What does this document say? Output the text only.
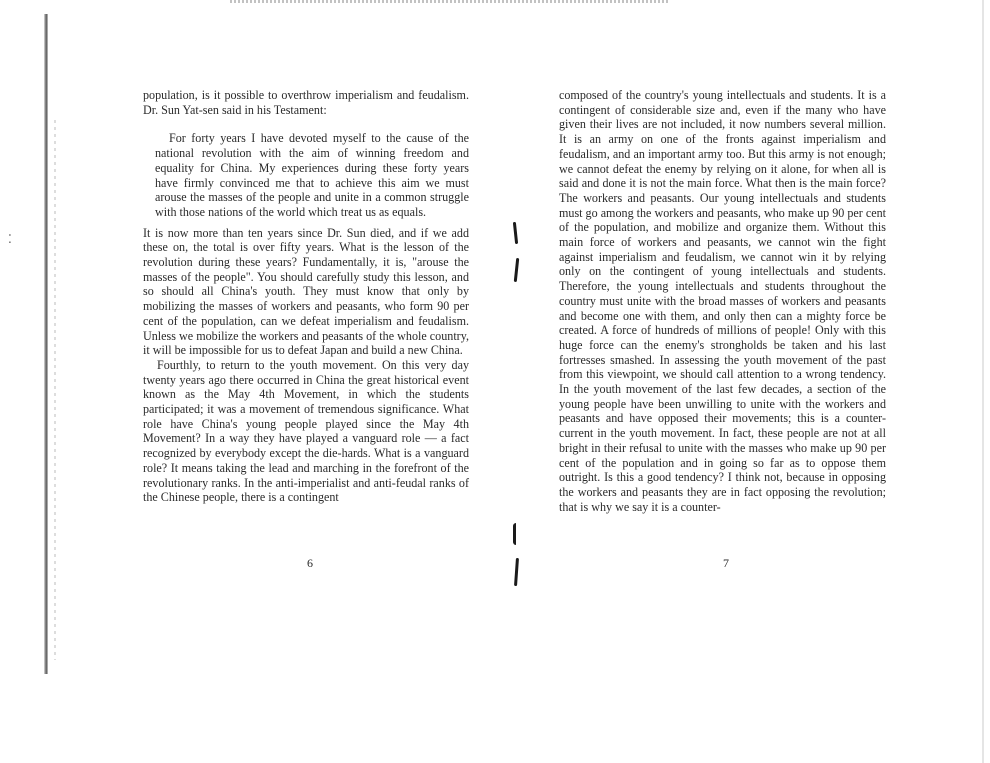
⁚

population, is it possible to overthrow imperialism and feudalism. Dr. Sun Yat-sen said in his Testament:

For forty years I have devoted myself to the cause of the national revolution with the aim of winning freedom and equality for China. My experiences during these forty years have firmly convinced me that to achieve this aim we must arouse the masses of the people and unite in a common struggle with those nations of the world which treat us as equals.

It is now more than ten years since Dr. Sun died, and if we add these on, the total is over fifty years. What is the lesson of the revolution during these years? Fundamentally, it is, "arouse the masses of the people". You should carefully study this lesson, and so should all China's youth. They must know that only by mobilizing the masses of workers and peasants, who form 90 per cent of the population, can we defeat imperialism and feudalism. Unless we mobilize the workers and peasants of the whole country, it will be impossible for us to defeat Japan and build a new China.

Fourthly, to return to the youth movement. On this very day twenty years ago there occurred in China the great historical event known as the May 4th Movement, in which the students participated; it was a movement of tremendous significance. What role have China's young people played since the May 4th Movement? In a way they have played a vanguard role — a fact recognized by everybody except the die-hards. What is a vanguard role? It means taking the lead and marching in the forefront of the revolutionary ranks. In the anti-imperialist and anti-feudal ranks of the Chinese people, there is a contingent

6

composed of the country's young intellectuals and students. It is a contingent of considerable size and, even if the many who have given their lives are not included, it now numbers several million. It is an army on one of the fronts against imperialism and feudalism, and an important army too. But this army is not enough; we cannot defeat the enemy by relying on it alone, for when all is said and done it is not the main force. What then is the main force? The workers and peasants. Our young intellectuals and students must go among the workers and peasants, who make up 90 per cent of the population, and mobilize and organize them. Without this main force of workers and peasants, we cannot win the fight against imperialism and feudalism, we cannot win it by relying only on the contingent of young intellectuals and students. Therefore, the young intellectuals and students throughout the country must unite with the broad masses of workers and peasants and become one with them, and only then can a mighty force be created. A force of hundreds of millions of people! Only with this huge force can the enemy's strongholds be taken and his last fortresses smashed. In assessing the youth movement of the past from this viewpoint, we should call attention to a wrong tendency. In the youth movement of the last few decades, a section of the young people have been unwilling to unite with the workers and peasants and have opposed their movements; this is a counter-current in the youth movement. In fact, these people are not at all bright in their refusal to unite with the masses who make up 90 per cent of the population and in going so far as to oppose them outright. Is this a good tendency? I think not, because in opposing the workers and peasants they are in fact opposing the revolution; that is why we say it is a counter-

7
